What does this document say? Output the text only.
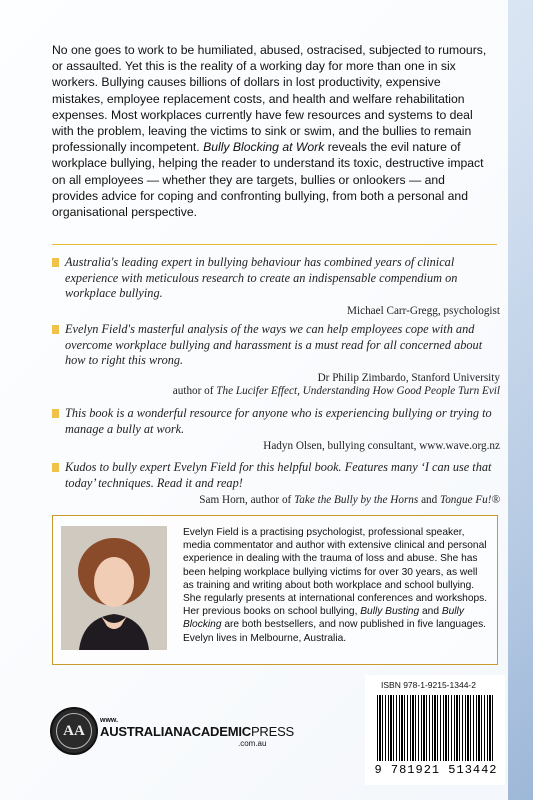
No one goes to work to be humiliated, abused, ostracised, subjected to rumours, or assaulted. Yet this is the reality of a working day for more than one in six workers. Bullying causes billions of dollars in lost productivity, expensive mistakes, employee replacement costs, and health and welfare rehabilitation expenses. Most workplaces currently have few resources and systems to deal with the problem, leaving the victims to sink or swim, and the bullies to remain professionally incompetent. Bully Blocking at Work reveals the evil nature of workplace bullying, helping the reader to understand its toxic, destructive impact on all employees — whether they are targets, bullies or onlookers — and provides advice for coping and confronting bullying, from both a personal and organisational perspective.

Australia's leading expert in bullying behaviour has combined years of clinical experience with meticulous research to create an indispensable compendium on workplace bullying.

Michael Carr-Gregg, psychologist

Evelyn Field's masterful analysis of the ways we can help employees cope with and overcome workplace bullying and harassment is a must read for all concerned about how to right this wrong.

Dr Philip Zimbardo, Stanford University
author of The Lucifer Effect, Understanding How Good People Turn Evil

This book is a wonderful resource for anyone who is experiencing bullying or trying to manage a bully at work.

Hadyn Olsen, bullying consultant, www.wave.org.nz

Kudos to bully expert Evelyn Field for this helpful book. Features many ‘I can use that today’ techniques. Read it and reap!

Sam Horn, author of Take the Bully by the Horns and Tongue Fu!®

Evelyn Field is a practising psychologist, professional speaker, media commentator and author with extensive clinical and personal experience in dealing with the trauma of loss and abuse. She has been helping workplace bullying victims for over 30 years, as well as training and writing about both workplace and school bullying. She regularly presents at international conferences and workshops. Her previous books on school bullying, Bully Busting and Bully Blocking are both bestsellers, and now published in five languages. Evelyn lives in Melbourne, Australia.

AA
www.
AUSTRALIANACADEMICPRESS
.com.au
ISBN 978-1-9215-1344-2
9 781921 513442
